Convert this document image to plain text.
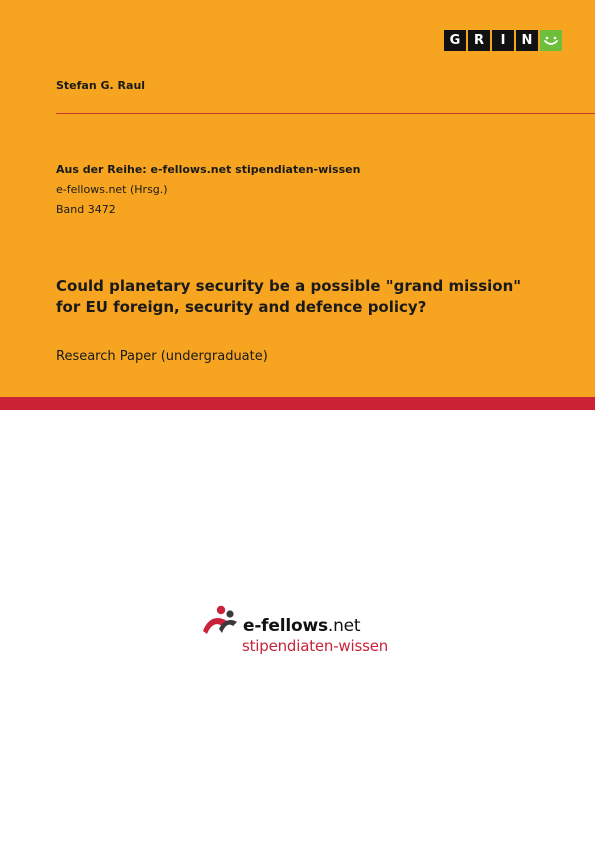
G	R	I	N
Stefan G. Raul
Aus der Reihe: e-fellows.net stipendiaten-wissen
e-fellows.net (Hrsg.)
Band 3472
Could planetary security be a possible "grand mission"
for EU foreign, security and defence policy?
Research Paper (undergraduate)
e-fellows.net
stipendiaten-wissen
